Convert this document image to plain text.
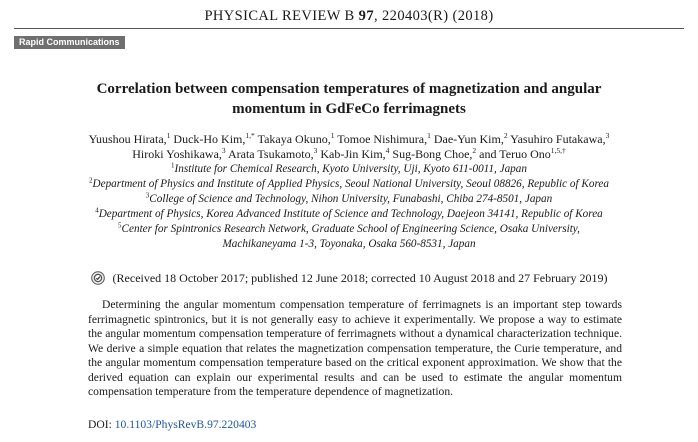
PHYSICAL REVIEW B 97, 220403(R) (2018)
Rapid Communications
Correlation between compensation temperatures of magnetization and angular
momentum in GdFeCo ferrimagnets
Yuushou Hirata,$^1$ Duck-Ho Kim,$^{1,*}$ Takaya Okuno,$^1$ Tomoe Nishimura,$^1$ Dae-Yun Kim,$^2$ Yasuhiro Futakawa,$^3$
Hiroki Yoshikawa,$^3$ Arata Tsukamoto,$^3$ Kab-Jin Kim,$^4$ Sug-Bong Choe,$^2$ and Teruo Ono$^{1,5,\dagger}$
$^1$Institute for Chemical Research, Kyoto University, Uji, Kyoto 611-0011, Japan
$^2$Department of Physics and Institute of Applied Physics, Seoul National University, Seoul 08826, Republic of Korea
$^3$College of Science and Technology, Nihon University, Funabashi, Chiba 274-8501, Japan
$^4$Department of Physics, Korea Advanced Institute of Science and Technology, Daejeon 34141, Republic of Korea
$^5$Center for Spintronics Research Network, Graduate School of Engineering Science, Osaka University,
Machikaneyama 1-3, Toyonaka, Osaka 560-8531, Japan
(Received 18 October 2017; published 12 June 2018; corrected 10 August 2018 and 27 February 2019)
Determining the angular momentum compensation temperature of ferrimagnets is an important step towards ferrimagnetic spintronics, but it is not generally easy to achieve it experimentally. We propose a way to estimate the angular momentum compensation temperature of ferrimagnets without a dynamical characterization technique. We derive a simple equation that relates the magnetization compensation temperature, the Curie temperature, and the angular momentum compensation temperature based on the critical exponent approximation. We show that the derived equation can explain our experimental results and can be used to estimate the angular momentum compensation temperature from the temperature dependence of magnetization.
DOI: 10.1103/PhysRevB.97.220403
